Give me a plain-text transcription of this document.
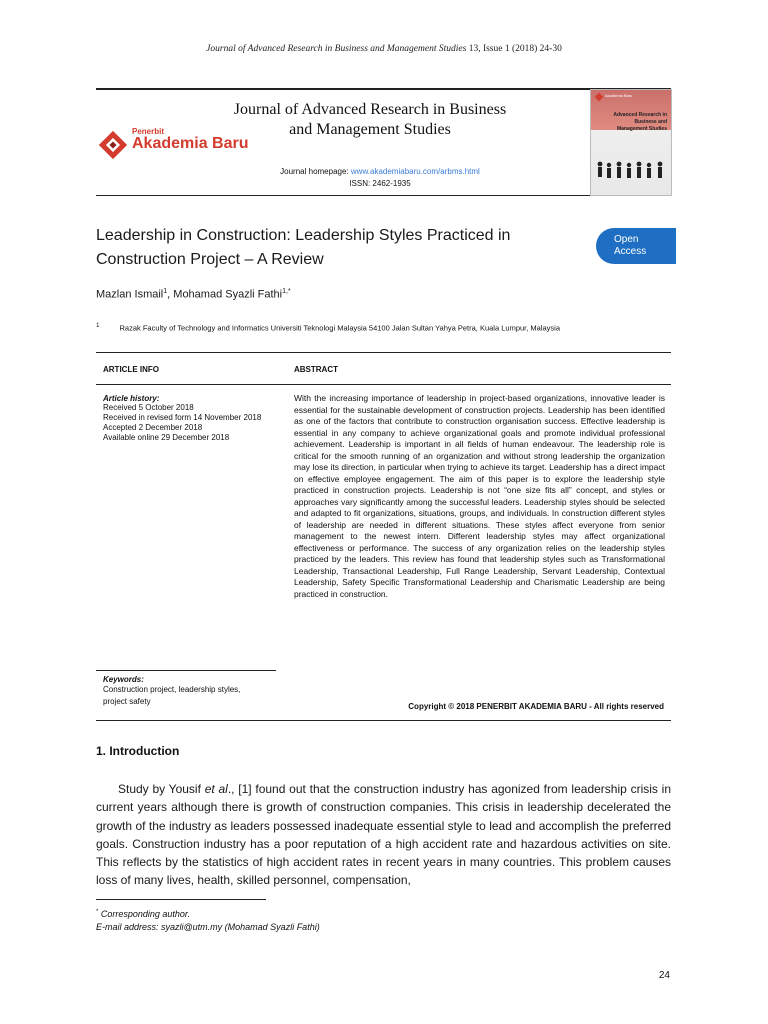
Journal of Advanced Research in Business and Management Studies 13, Issue 1 (2018) 24-30
Penerbit
Akademia Baru
Journal of Advanced Research in Business
and Management Studies
Journal homepage: www.akademiabaru.com/arbms.html
ISSN: 2462-1935
Akademia Baru
Advanced Research in
Business and
Management Studies
Leadership in Construction: Leadership Styles Practiced in
Construction Project – A Review
Open
Access
Mazlan Ismail$^1$, Mohamad Syazli Fathi$^{1,*}$
$^1$	Razak Faculty of Technology and Informatics Universiti Teknologi Malaysia 54100 Jalan Sultan Yahya Petra, Kuala Lumpur, Malaysia
ARTICLE INFO	ABSTRACT
Article history:
Received 5 October 2018
Received in revised form 14 November 2018
Accepted 2 December 2018
Available online 29 December 2018
With the increasing importance of leadership in project-based organizations, innovative leader is essential for the sustainable development of construction projects. Leadership has been identified as one of the factors that contribute to construction organisation success. Effective leadership is essential in any company to achieve organizational goals and promote individual professional achievement. Leadership is important in all fields of human endeavour. The leadership role is critical for the smooth running of an organization and without strong leadership the organization may lose its direction, in particular when trying to achieve its target. Leadership has a direct impact on effective employee engagement. The aim of this paper is to explore the leadership style practiced in construction projects. Leadership is not “one size fits all” concept, and styles or approaches vary significantly among the successful leaders. Leadership styles should be selected and adapted to fit organizations, situations, groups, and individuals. In construction different styles of leadership are needed in different situations. These styles affect everyone from senior management to the newest intern. Different leadership styles may affect organizational effectiveness or performance. The success of any organization relies on the leadership styles practiced by the leaders. This review has found that leadership styles such as Transformational Leadership, Transactional Leadership, Full Range Leadership, Servant Leadership, Contextual Leadership, Safety Specific Transformational Leadership and Charismatic Leadership are being practiced in construction.
Keywords:
Construction project, leadership styles,
project safety
Copyright © 2018 PENERBIT AKADEMIA BARU - All rights reserved
1. Introduction
Study by Yousif et al., [1] found out that the construction industry has agonized from leadership crisis in current years although there is growth of construction companies. This crisis in leadership decelerated the growth of the industry as leaders possessed inadequate essential style to lead and accomplish the preferred goals. Construction industry has a poor reputation of a high accident rate and hazardous activities on site. This reflects by the statistics of high accident rates in recent years in many countries. This problem causes loss of many lives, health, skilled personnel, compensation,
* Corresponding author.
E-mail address: syazli@utm.my (Mohamad Syazli Fathi)
24
